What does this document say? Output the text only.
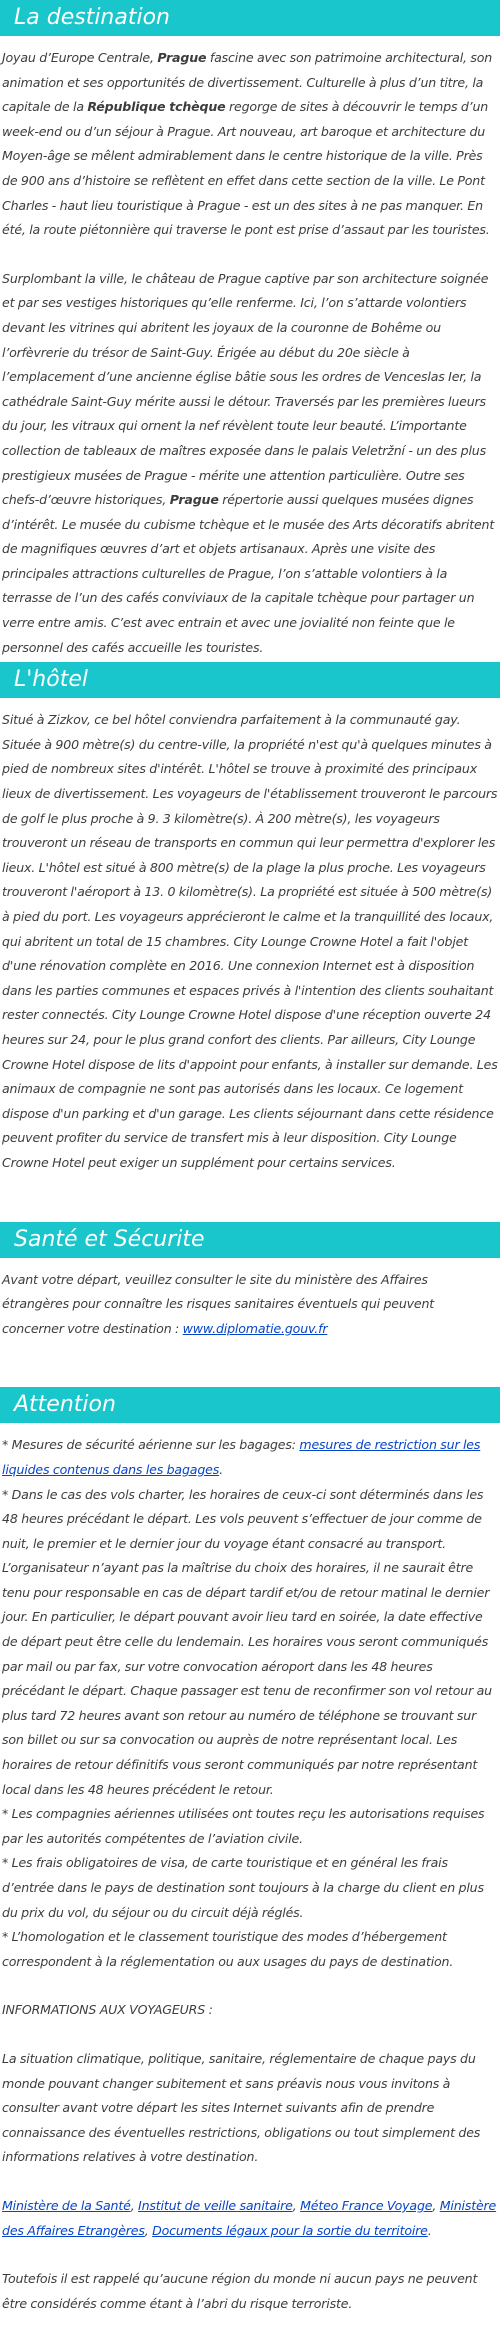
La destination

Joyau d’Europe Centrale, Prague fascine avec son patrimoine architectural, son animation et ses opportunités de divertissement. Culturelle à plus d’un titre, la capitale de la République tchèque regorge de sites à découvrir le temps d’un week-end ou d’un séjour à Prague. Art nouveau, art baroque et architecture du Moyen-âge se mêlent admirablement dans le centre historique de la ville. Près de 900 ans d’histoire se reflètent en effet dans cette section de la ville. Le Pont Charles - haut lieu touristique à Prague - est un des sites à ne pas manquer. En été, la route piétonnière qui traverse le pont est prise d’assaut par les touristes.

Surplombant la ville, le château de Prague captive par son architecture soignée et par ses vestiges historiques qu’elle renferme. Ici, l’on s’attarde volontiers devant les vitrines qui abritent les joyaux de la couronne de Bohême ou l’orfèvrerie du trésor de Saint-Guy. Érigée au début du 20e siècle à l’emplacement d’une ancienne église bâtie sous les ordres de Venceslas Ier, la cathédrale Saint-Guy mérite aussi le détour. Traversés par les premières lueurs du jour, les vitraux qui ornent la nef révèlent toute leur beauté. L’importante collection de tableaux de maîtres exposée dans le palais Veletržní - un des plus prestigieux musées de Prague - mérite une attention particulière. Outre ses chefs-d’œuvre historiques, Prague répertorie aussi quelques musées dignes d’intérêt. Le musée du cubisme tchèque et le musée des Arts décoratifs abritent de magnifiques œuvres d’art et objets artisanaux. Après une visite des principales attractions culturelles de Prague, l’on s’attable volontiers à la terrasse de l’un des cafés conviviaux de la capitale tchèque pour partager un verre entre amis. C’est avec entrain et avec une jovialité non feinte que le personnel des cafés accueille les touristes.

L'hôtel

Situé à Zizkov, ce bel hôtel conviendra parfaitement à la communauté gay. Située à 900 mètre(s) du centre-ville, la propriété n'est qu'à quelques minutes à pied de nombreux sites d'intérêt. L'hôtel se trouve à proximité des principaux lieux de divertissement. Les voyageurs de l'établissement trouveront le parcours de golf le plus proche à 9. 3 kilomètre(s). À 200 mètre(s), les voyageurs trouveront un réseau de transports en commun qui leur permettra d'explorer les lieux. L'hôtel est situé à 800 mètre(s) de la plage la plus proche. Les voyageurs trouveront l'aéroport à 13. 0 kilomètre(s). La propriété est située à 500 mètre(s) à pied du port. Les voyageurs apprécieront le calme et la tranquillité des locaux, qui abritent un total de 15 chambres. City Lounge Crowne Hotel a fait l'objet d'une rénovation complète en 2016. Une connexion Internet est à disposition dans les parties communes et espaces privés à l'intention des clients souhaitant rester connectés. City Lounge Crowne Hotel dispose d'une réception ouverte 24 heures sur 24, pour le plus grand confort des clients. Par ailleurs, City Lounge Crowne Hotel dispose de lits d'appoint pour enfants, à installer sur demande. Les animaux de compagnie ne sont pas autorisés dans les locaux. Ce logement dispose d'un parking et d'un garage. Les clients séjournant dans cette résidence peuvent profiter du service de transfert mis à leur disposition. City Lounge Crowne Hotel peut exiger un supplément pour certains services.

Santé et Sécurite

Avant votre départ, veuillez consulter le site du ministère des Affaires étrangères pour connaître les risques sanitaires éventuels qui peuvent concerner votre destination : www.diplomatie.gouv.fr

Attention

* Mesures de sécurité aérienne sur les bagages: mesures de restriction sur les liquides contenus dans les bagages.

* Dans le cas des vols charter, les horaires de ceux-ci sont déterminés dans les 48 heures précédant le départ. Les vols peuvent s’effectuer de jour comme de nuit, le premier et le dernier jour du voyage étant consacré au transport. L’organisateur n’ayant pas la maîtrise du choix des horaires, il ne saurait être tenu pour responsable en cas de départ tardif et/ou de retour matinal le dernier jour. En particulier, le départ pouvant avoir lieu tard en soirée, la date effective de départ peut être celle du lendemain. Les horaires vous seront communiqués par mail ou par fax, sur votre convocation aéroport dans les 48 heures précédant le départ. Chaque passager est tenu de reconfirmer son vol retour au plus tard 72 heures avant son retour au numéro de téléphone se trouvant sur son billet ou sur sa convocation ou auprès de notre représentant local. Les horaires de retour définitifs vous seront communiqués par notre représentant local dans les 48 heures précédent le retour.

* Les compagnies aériennes utilisées ont toutes reçu les autorisations requises par les autorités compétentes de l’aviation civile.

* Les frais obligatoires de visa, de carte touristique et en général les frais d’entrée dans le pays de destination sont toujours à la charge du client en plus du prix du vol, du séjour ou du circuit déjà réglés.

* L’homologation et le classement touristique des modes d’hébergement correspondent à la réglementation ou aux usages du pays de destination.

INFORMATIONS AUX VOYAGEURS :

La situation climatique, politique, sanitaire, réglementaire de chaque pays du monde pouvant changer subitement et sans préavis nous vous invitons à consulter avant votre départ les sites Internet suivants afin de prendre connaissance des éventuelles restrictions, obligations ou tout simplement des informations relatives à votre destination.

Ministère de la Santé, Institut de veille sanitaire, Méteo France Voyage, Ministère des Affaires Etrangères, Documents légaux pour la sortie du territoire.

Toutefois il est rappelé qu’aucune région du monde ni aucun pays ne peuvent être considérés comme étant à l’abri du risque terroriste.
